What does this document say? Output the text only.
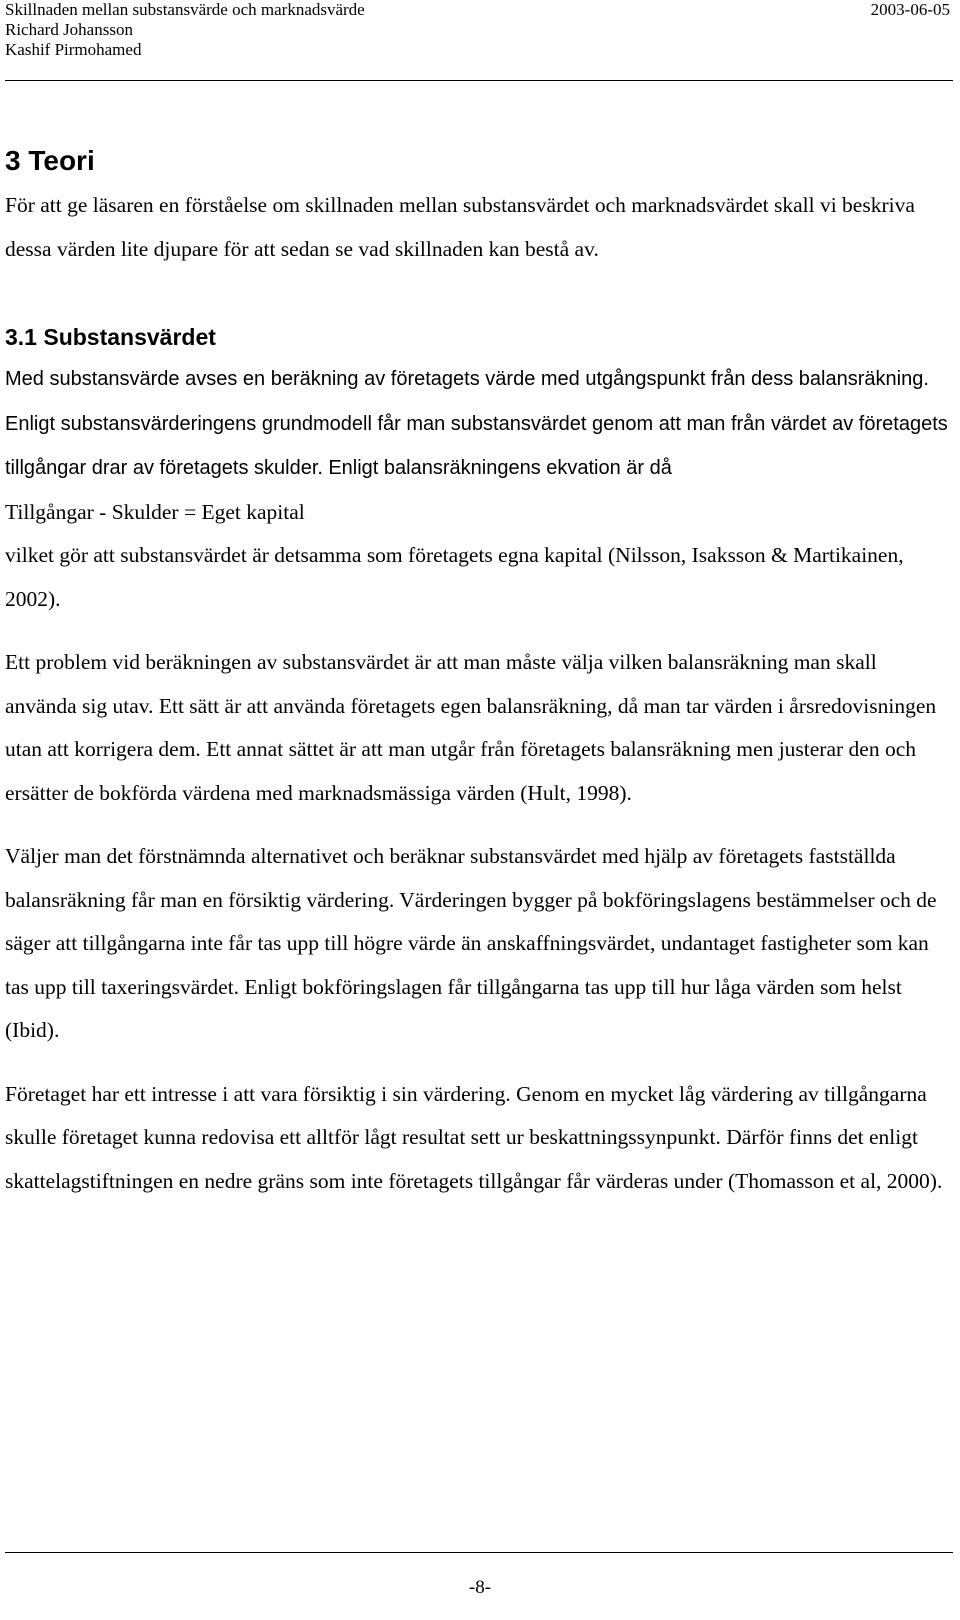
Skillnaden mellan substansvärde och marknadsvärde	2003-06-05
Richard Johansson
Kashif Pirmohamed
3 Teori

För att ge läsaren en förståelse om skillnaden mellan substansvärdet och marknadsvärdet skall vi beskriva dessa värden lite djupare för att sedan se vad skillnaden kan bestå av.

3.1 Substansvärdet

Med substansvärde avses en beräkning av företagets värde med utgångspunkt från dess balansräkning. Enligt substansvärderingens grundmodell får man substansvärdet genom att man från värdet av företagets tillgångar drar av företagets skulder. Enligt balansräkningens ekvation är då

Tillgångar - Skulder = Eget kapital

vilket gör att substansvärdet är detsamma som företagets egna kapital (Nilsson, Isaksson & Martikainen, 2002).

Ett problem vid beräkningen av substansvärdet är att man måste välja vilken balansräkning man skall använda sig utav. Ett sätt är att använda företagets egen balansräkning, då man tar värden i årsredovisningen utan att korrigera dem. Ett annat sättet är att man utgår från företagets balansräkning men justerar den och ersätter de bokförda värdena med marknadsmässiga värden (Hult, 1998).

Väljer man det förstnämnda alternativet och beräknar substansvärdet med hjälp av företagets fastställda balansräkning får man en försiktig värdering. Värderingen bygger på bokföringslagens bestämmelser och de säger att tillgångarna inte får tas upp till högre värde än anskaffningsvärdet, undantaget fastigheter som kan tas upp till taxeringsvärdet. Enligt bokföringslagen får tillgångarna tas upp till hur låga värden som helst (Ibid).

Företaget har ett intresse i att vara försiktig i sin värdering. Genom en mycket låg värdering av tillgångarna skulle företaget kunna redovisa ett alltför lågt resultat sett ur beskattningssynpunkt. Därför finns det enligt skattelagstiftningen en nedre gräns som inte företagets tillgångar får värderas under (Thomasson et al, 2000).

-8-
